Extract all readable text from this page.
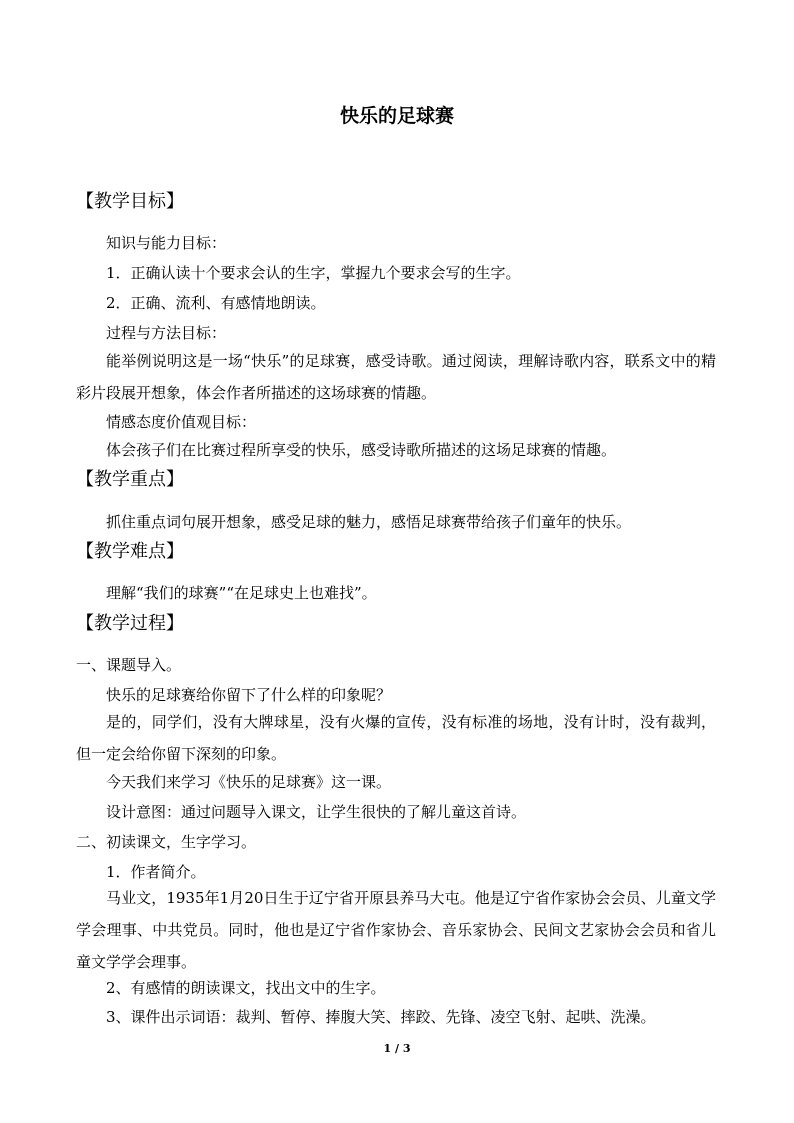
快乐的足球赛
【教学目标】
知识与能力目标：
1．正确认读十个要求会认的生字，掌握九个要求会写的生字。
2．正确、流利、有感情地朗读。
过程与方法目标：

能举例说明这是一场“快乐”的足球赛，感受诗歌。通过阅读，理解诗歌内容，联系文中的精彩片段展开想象，体会作者所描述的这场球赛的情趣。

情感态度价值观目标：
体会孩子们在比赛过程所享受的快乐，感受诗歌所描述的这场足球赛的情趣。
【教学重点】
抓住重点词句展开想象，感受足球的魅力，感悟足球赛带给孩子们童年的快乐。
【教学难点】
理解“我们的球赛”“在足球史上也难找”。
【教学过程】
一、课题导入。
快乐的足球赛给你留下了什么样的印象呢？

是的，同学们，没有大牌球星，没有火爆的宣传，没有标准的场地，没有计时，没有裁判，但一定会给你留下深刻的印象。

今天我们来学习《快乐的足球赛》这一课。
设计意图：通过问题导入课文，让学生很快的了解儿童这首诗。
二、初读课文，生字学习。
1．作者简介。

马业文，1935年1月20日生于辽宁省开原县养马大屯。他是辽宁省作家协会会员、儿童文学学会理事、中共党员。同时，他也是辽宁省作家协会、音乐家协会、民间文艺家协会会员和省儿童文学学会理事。

2、有感情的朗读课文，找出文中的生字。
3、课件出示词语：裁判、暂停、捧腹大笑、摔跤、先锋、凌空飞射、起哄、洗澡。
1 / 3
